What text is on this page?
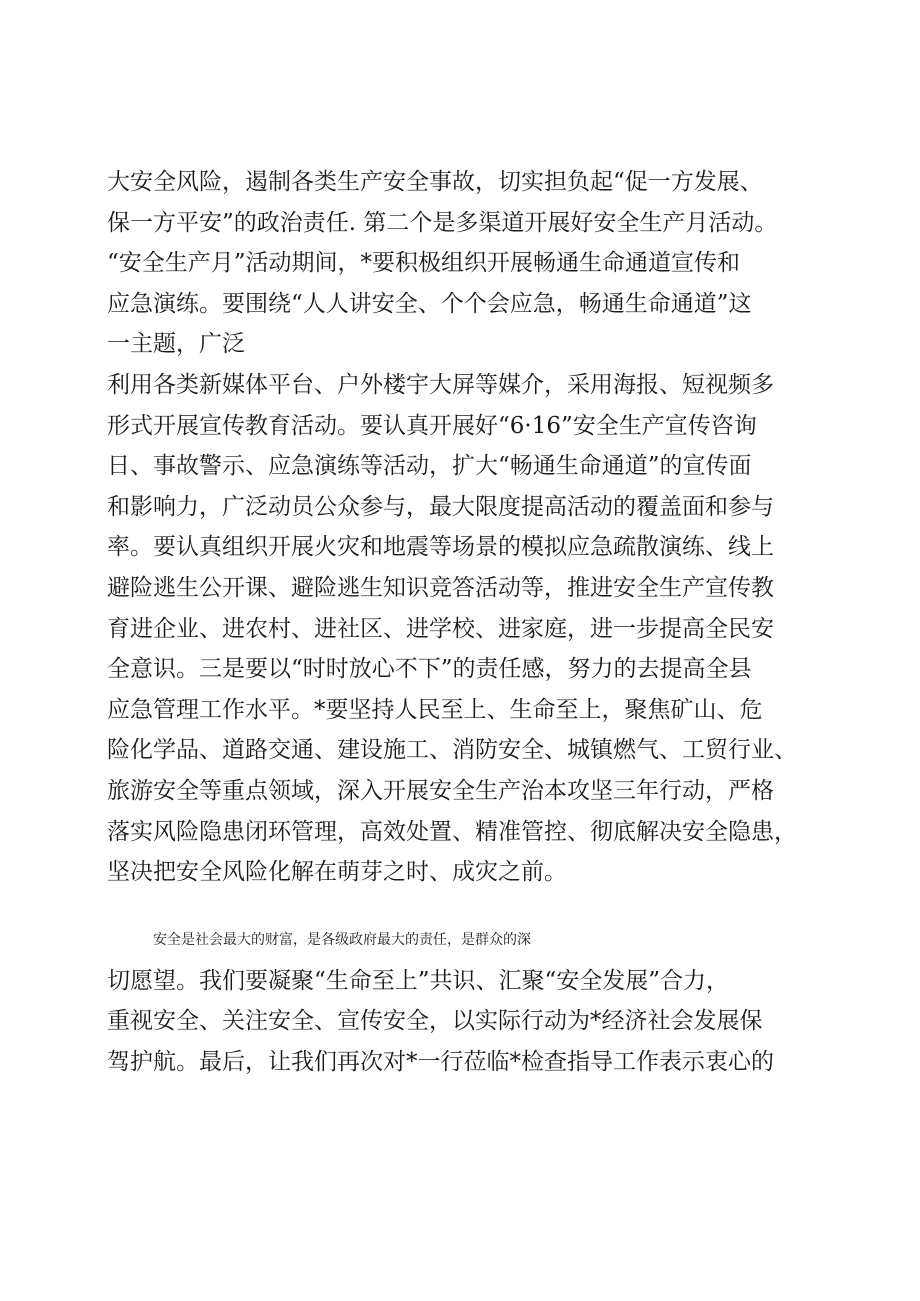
大安全风险，遏制各类生产安全事故，切实担负起“促一方发展、
保一方平安”的政治责任. 第二个是多渠道开展好安全生产月活动。
“安全生产月”活动期间，*要积极组织开展畅通生命通道宣传和
应急演练。要围绕“人人讲安全、个个会应急，畅通生命通道”这
一主题，广泛
利用各类新媒体平台、户外楼宇大屏等媒介，采用海报、短视频多
形式开展宣传教育活动。要认真开展好“6·16”安全生产宣传咨询
日、事故警示、应急演练等活动，扩大“畅通生命通道”的宣传面
和影响力，广泛动员公众参与，最大限度提高活动的覆盖面和参与
率。要认真组织开展火灾和地震等场景的模拟应急疏散演练、线上
避险逃生公开课、避险逃生知识竞答活动等，推进安全生产宣传教
育进企业、进农村、进社区、进学校、进家庭，进一步提高全民安
全意识。三是要以“时时放心不下”的责任感，努力的去提高全县
应急管理工作水平。*要坚持人民至上、生命至上，聚焦矿山、危
险化学品、道路交通、建设施工、消防安全、城镇燃气、工贸行业、
旅游安全等重点领域，深入开展安全生产治本攻坚三年行动，严格
落实风险隐患闭环管理，高效处置、精准管控、彻底解决安全隐患，
坚决把安全风险化解在萌芽之时、成灾之前。
安全是社会最大的财富，是各级政府最大的责任，是群众的深
切愿望。我们要凝聚“生命至上”共识、汇聚“安全发展”合力，
重视安全、关注安全、宣传安全，以实际行动为*经济社会发展保
驾护航。最后，让我们再次对*一行莅临*检查指导工作表示衷心的
